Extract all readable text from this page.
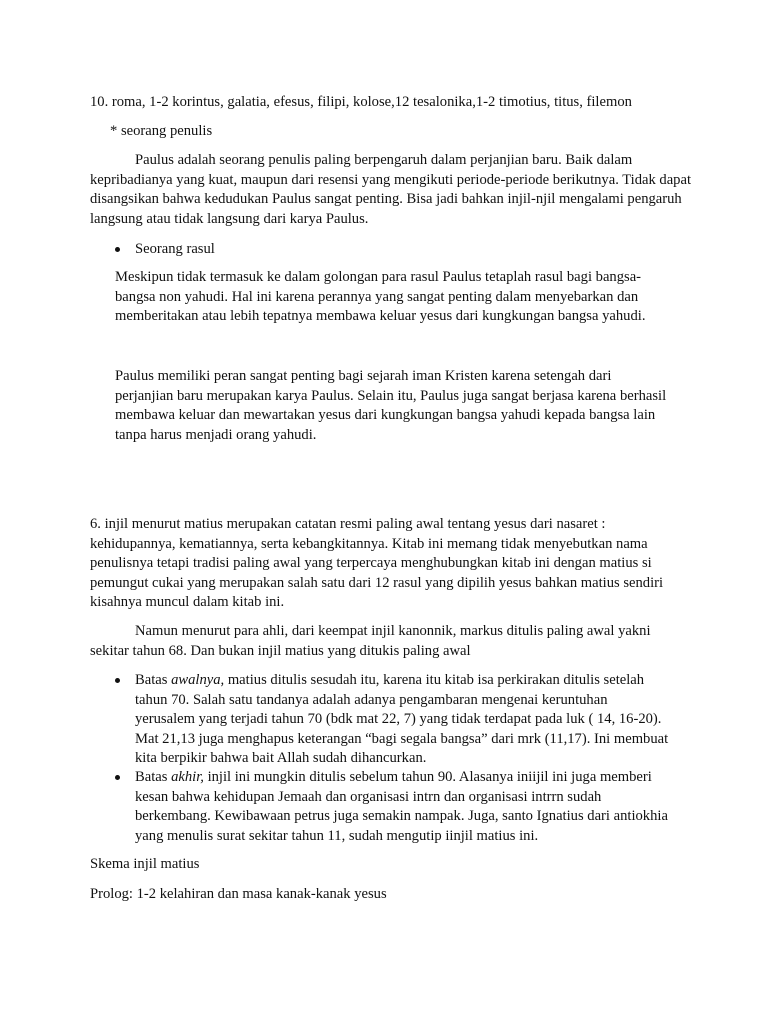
10. roma, 1-2 korintus, galatia, efesus, filipi, kolose,12 tesalonika,1-2 timotius, titus, filemon

* seorang penulis

Paulus adalah seorang penulis paling berpengaruh dalam perjanjian baru. Baik dalam kepribadianya yang kuat, maupun dari resensi yang mengikuti periode-periode berikutnya. Tidak dapat disangsikan bahwa kedudukan Paulus sangat penting. Bisa jadi bahkan injil-njil mengalami pengaruh langsung atau tidak langsung dari karya Paulus.

Seorang rasul

Meskipun tidak termasuk ke dalam golongan para rasul Paulus tetaplah rasul bagi bangsa-bangsa non yahudi. Hal ini karena perannya yang sangat penting dalam menyebarkan dan memberitakan atau lebih tepatnya membawa keluar yesus dari kungkungan bangsa yahudi.

Paulus memiliki peran sangat penting bagi sejarah iman Kristen karena setengah dari perjanjian baru merupakan karya Paulus. Selain itu, Paulus juga sangat berjasa karena berhasil membawa keluar dan mewartakan yesus dari kungkungan bangsa yahudi kepada bangsa lain tanpa harus menjadi orang yahudi.

6. injil menurut matius merupakan catatan resmi paling awal tentang yesus dari nasaret : kehidupannya, kematiannya, serta kebangkitannya. Kitab ini memang tidak menyebutkan nama penulisnya tetapi tradisi paling awal yang terpercaya menghubungkan kitab ini dengan matius si pemungut cukai yang merupakan salah satu dari 12 rasul yang dipilih yesus bahkan matius sendiri kisahnya muncul dalam kitab ini.

Namun menurut para ahli, dari keempat injil kanonnik, markus ditulis paling awal yakni sekitar tahun 68. Dan bukan injil matius yang ditukis paling awal

Batas awalnya, matius ditulis sesudah itu, karena itu kitab isa perkirakan ditulis setelah tahun 70. Salah satu tandanya adalah adanya pengambaran mengenai keruntuhan yerusalem yang terjadi tahun 70 (bdk mat 22, 7) yang tidak terdapat pada luk ( 14, 16-20). Mat 21,13 juga menghapus keterangan “bagi segala bangsa” dari mrk (11,17). Ini membuat kita berpikir bahwa bait Allah sudah dihancurkan.

Batas akhir, injil ini mungkin ditulis sebelum tahun 90. Alasanya iniijil ini juga memberi kesan bahwa kehidupan Jemaah dan organisasi intrn dan organisasi intrrn sudah berkembang. Kewibawaan petrus juga semakin nampak. Juga, santo Ignatius dari antiokhia yang menulis surat sekitar tahun 11, sudah mengutip iinjil matius ini.

Skema injil matius

Prolog: 1-2 kelahiran dan masa kanak-kanak yesus
